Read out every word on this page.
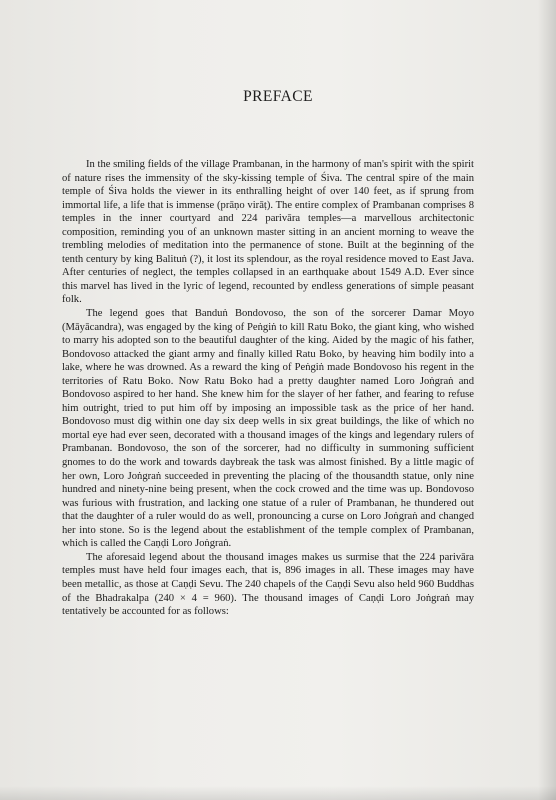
PREFACE

In the smiling fields of the village Prambanan, in the harmony of man's spirit with the spirit of nature rises the immensity of the sky-kissing temple of Śiva. The central spire of the main temple of Śiva holds the viewer in its enthralling height of over 140 feet, as if sprung from immortal life, a life that is immense (prāṇo virāṭ). The entire complex of Prambanan comprises 8 temples in the inner courtyard and 224 parivāra temples—a marvellous architectonic composition, reminding you of an unknown master sitting in an ancient morning to weave the trembling melodies of meditation into the permanence of stone. Built at the beginning of the tenth century by king Balituṅ (?), it lost its splendour, as the royal residence moved to East Java. After centuries of neglect, the temples collapsed in an earthquake about 1549 A.D. Ever since this marvel has lived in the lyric of legend, recounted by endless generations of simple peasant folk.

The legend goes that Banduṅ Bondovoso, the son of the sorcerer Damar Moyo (Māyācandra), was engaged by the king of Peṅgiṅ to kill Ratu Boko, the giant king, who wished to marry his adopted son to the beautiful daughter of the king. Aided by the magic of his father, Bondovoso attacked the giant army and finally killed Ratu Boko, by heaving him bodily into a lake, where he was drowned. As a reward the king of Peṅgiṅ made Bondovoso his regent in the territories of Ratu Boko. Now Ratu Boko had a pretty daughter named Loro Joṅgraṅ and Bondovoso aspired to her hand. She knew him for the slayer of her father, and fearing to refuse him outright, tried to put him off by imposing an impossible task as the price of her hand. Bondovoso must dig within one day six deep wells in six great buildings, the like of which no mortal eye had ever seen, decorated with a thousand images of the kings and legendary rulers of Prambanan. Bondovoso, the son of the sorcerer, had no difficulty in summoning sufficient gnomes to do the work and towards daybreak the task was almost finished. By a little magic of her own, Loro Joṅgraṅ succeeded in preventing the placing of the thousandth statue, only nine hundred and ninety-nine being present, when the cock crowed and the time was up. Bondovoso was furious with frustration, and lacking one statue of a ruler of Prambanan, he thundered out that the daughter of a ruler would do as well, pronouncing a curse on Loro Joṅgraṅ and changed her into stone. So is the legend about the establishment of the temple complex of Prambanan, which is called the Caṇḍi Loro Joṅgraṅ.

The aforesaid legend about the thousand images makes us surmise that the 224 parivāra temples must have held four images each, that is, 896 images in all. These images may have been metallic, as those at Caṇḍi Sevu. The 240 chapels of the Caṇḍi Sevu also held 960 Buddhas of the Bhadrakalpa (240 × 4 = 960). The thousand images of Caṇḍi Loro Joṅgraṅ may tentatively be accounted for as follows:
